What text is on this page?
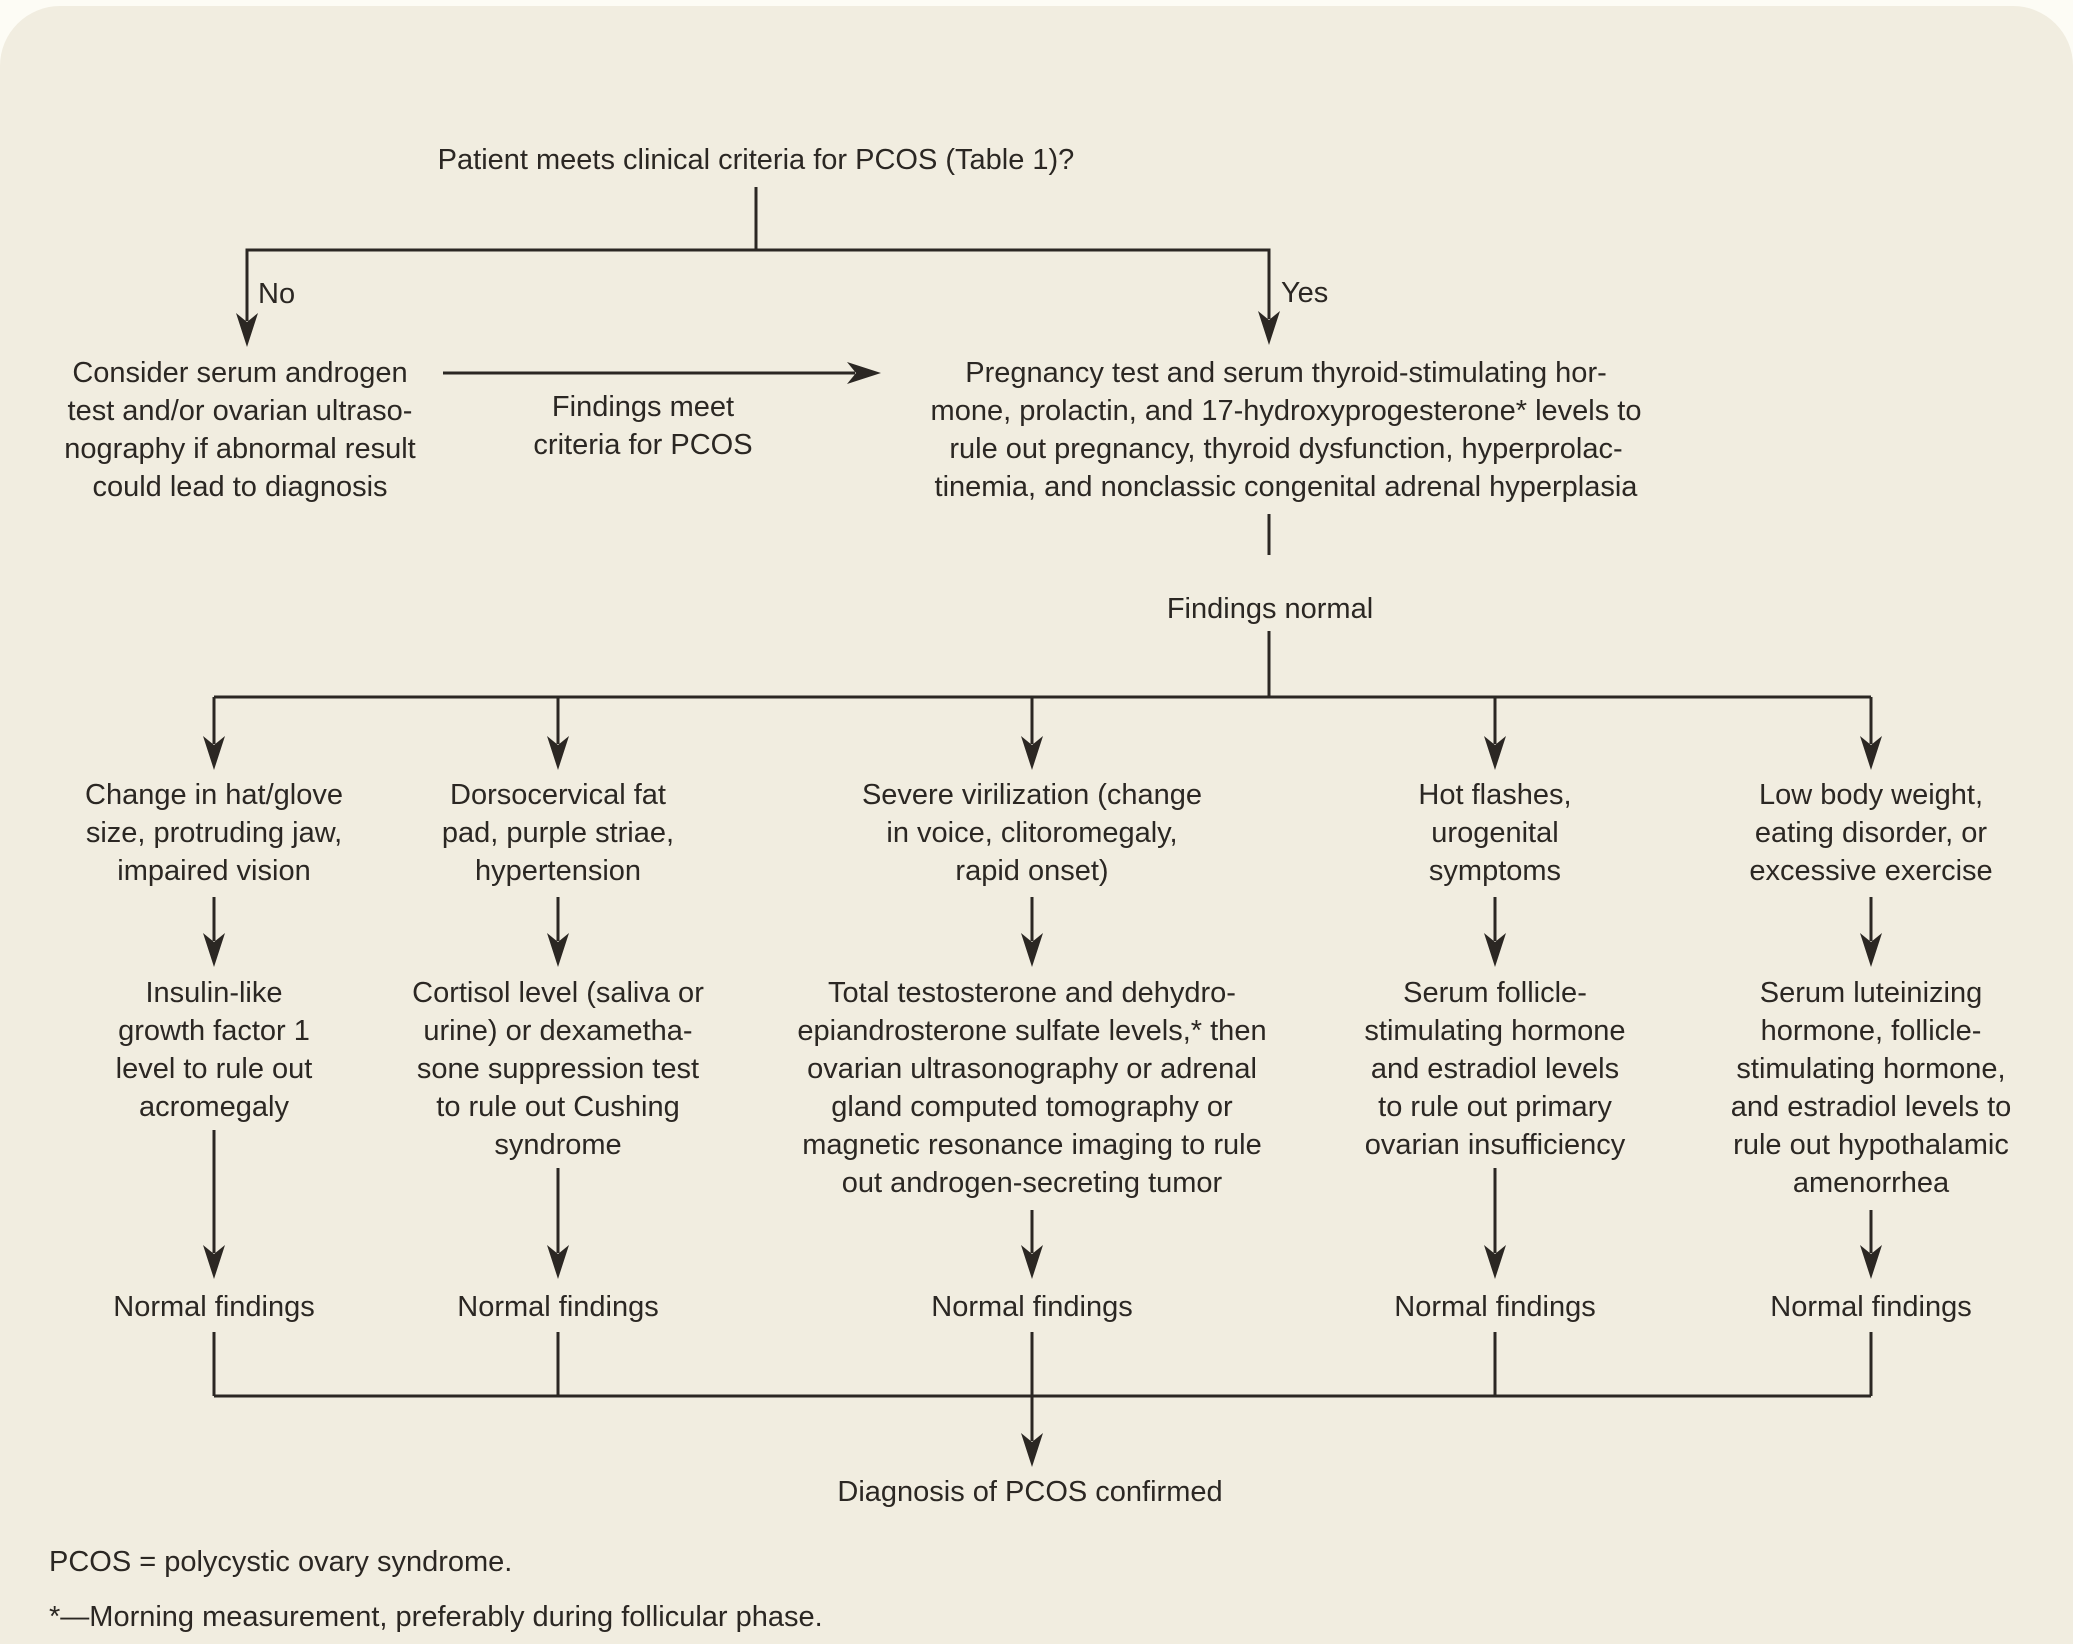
Patient meets clinical criteria for PCOS (Table 1)?
No	Yes
Consider serum androgen
test and/or ovarian ultraso-
nography if abnormal result
could lead to diagnosis
Findings meet
criteria for PCOS
Pregnancy test and serum thyroid-stimulating hor-
mone, prolactin, and 17-hydroxyprogesterone* levels to
rule out pregnancy, thyroid dysfunction, hyperprolac-
tinemia, and nonclassic congenital adrenal hyperplasia
Findings normal
Change in hat/glove
size, protruding jaw,
impaired vision
Insulin-like
growth factor 1
level to rule out
acromegaly
Normal findings
Dorsocervical fat
pad, purple striae,
hypertension
Cortisol level (saliva or
urine) or dexametha-
sone suppression test
to rule out Cushing
syndrome
Normal findings
Severe virilization (change
in voice, clitoromegaly,
rapid onset)
Total testosterone and dehydro-
epiandrosterone sulfate levels,* then
ovarian ultrasonography or adrenal
gland computed tomography or
magnetic resonance imaging to rule
out androgen-secreting tumor
Normal findings
Hot flashes,
urogenital
symptoms
Serum follicle-
stimulating hormone
and estradiol levels
to rule out primary
ovarian insufficiency
Normal findings
Low body weight,
eating disorder, or
excessive exercise
Serum luteinizing
hormone, follicle-
stimulating hormone,
and estradiol levels to
rule out hypothalamic
amenorrhea
Normal findings
Diagnosis of PCOS confirmed
PCOS = polycystic ovary syndrome.
*—Morning measurement, preferably during follicular phase.
